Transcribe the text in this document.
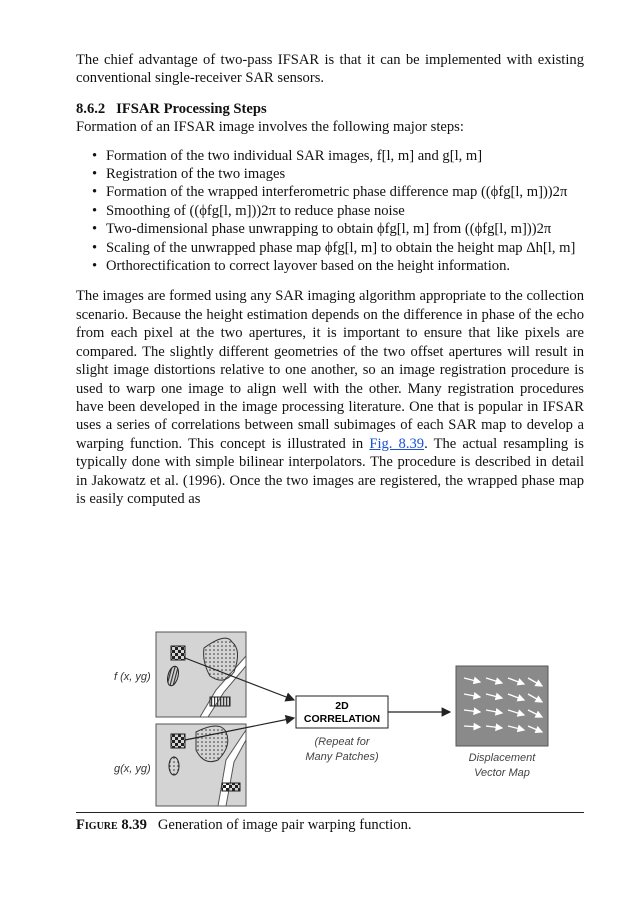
The chief advantage of two-pass IFSAR is that it can be implemented with existing conventional single-receiver SAR sensors.

8.6.2 IFSAR Processing Steps

Formation of an IFSAR image involves the following major steps:

• Formation of the two individual SAR images, f[l, m] and g[l, m]
• Registration of the two images
• Formation of the wrapped interferometric phase difference map ((ϕfg[l, m]))2π
• Smoothing of ((ϕfg[l, m]))2π to reduce phase noise
• Two-dimensional phase unwrapping to obtain ϕfg[l, m] from ((ϕfg[l, m]))2π
• Scaling of the unwrapped phase map ϕfg[l, m] to obtain the height map Δh[l, m]
• Orthorectification to correct layover based on the height information.

The images are formed using any SAR imaging algorithm appropriate to the collection scenario. Because the height estimation depends on the difference in phase of the echo from each pixel at the two apertures, it is important to ensure that like pixels are compared. The slightly different geometries of the two offset apertures will result in slight image distortions relative to one another, so an image registration procedure is used to warp one image to align well with the other. Many registration procedures have been developed in the image processing literature. One that is popular in IFSAR uses a series of correlations between small subimages of each SAR map to develop a warping function. This concept is illustrated in Fig. 8.39. The actual resampling is typically done with simple bilinear interpolators. The procedure is described in detail in Jakowatz et al. (1996). Once the two images are registered, the wrapped phase map is easily computed as

f (x, yg)
g(x, yg)
2D
CORRELATION
(Repeat for
Many Patches)	Displacement
Vector Map
Figure 8.39 Generation of image pair warping function.
